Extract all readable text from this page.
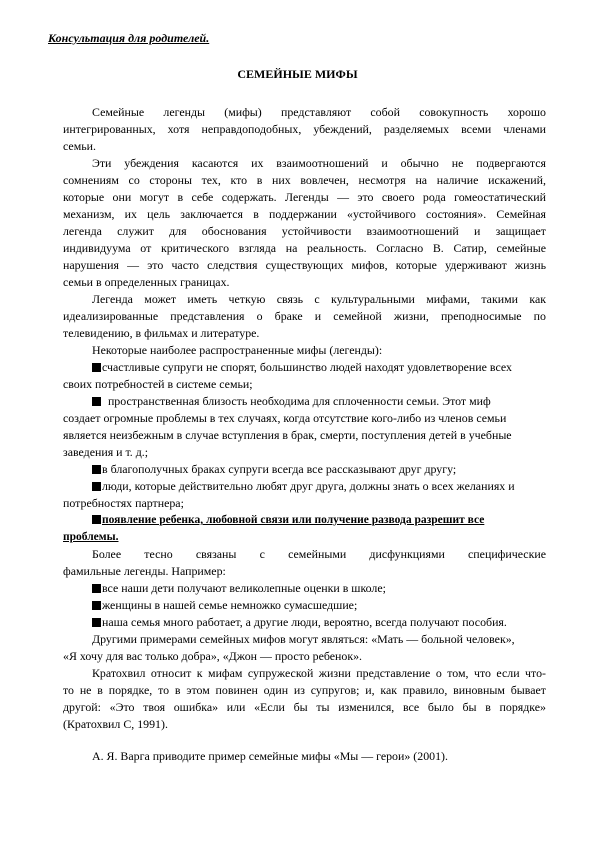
Консультация для родителей.
СЕМЕЙНЫЕ МИФЫ
Семейные легенды (мифы) представляют собой совокупность хорошо
интегрированных, хотя неправдоподобных, убеждений, разделяемых всеми членами
семьи.
Эти убеждения касаются их взаимоотношений и обычно не подвергаются
сомнениям со стороны тех, кто в них вовлечен, несмотря на наличие искажений,
которые они могут в себе содержать. Легенды — это своего рода гомеостатический
механизм, их цель заключается в поддержании «устойчивого состояния». Семейная
легенда служит для обоснования устойчивости взаимоотношений и защищает
индивидуума от критического взгляда на реальность. Согласно В. Сатир, семейные
нарушения — это часто следствия существующих мифов, которые удерживают жизнь
семьи в определенных границах.
Легенда может иметь четкую связь с культуральными мифами, такими как
идеализированные представления о браке и семейной жизни, преподносимые по
телевидению, в фильмах и литературе.
Некоторые наиболее распространенные мифы (легенды):
счастливые супруги не спорят, большинство людей находят удовлетворение всех
своих потребностей в системе семьи;
пространственная близость необходима для сплоченности семьи. Этот миф
создает огромные проблемы в тех случаях, когда отсутствие кого-либо из членов семьи
является неизбежным в случае вступления в брак, смерти, поступления детей в учебные
заведения и т. д.;
в благополучных браках супруги всегда все рассказывают друг другу;
люди, которые действительно любят друг друга, должны знать о всех желаниях и
потребностях партнера;
появление ребенка, любовной связи или получение развода разрешит все
проблемы.
Более тесно связаны с семейными дисфункциями специфические
фамильные легенды. Например:
все наши дети получают великолепные оценки в школе;
женщины в нашей семье немножко сумасшедшие;
наша семья много работает, а другие люди, вероятно, всегда получают пособия.
Другими примерами семейных мифов могут являться: «Мать — больной человек»,
«Я хочу для вас только добра», «Джон — просто ребенок».
Кратохвил относит к мифам супружеской жизни представление о том, что если что-
то не в порядке, то в этом повинен один из супругов; и, как правило, виновным бывает
другой: «Это твоя ошибка» или «Если бы ты изменился, все было бы в порядке»
(Кратохвил С, 1991).
А. Я. Варга приводите пример семейные мифы «Мы — герои» (2001).
